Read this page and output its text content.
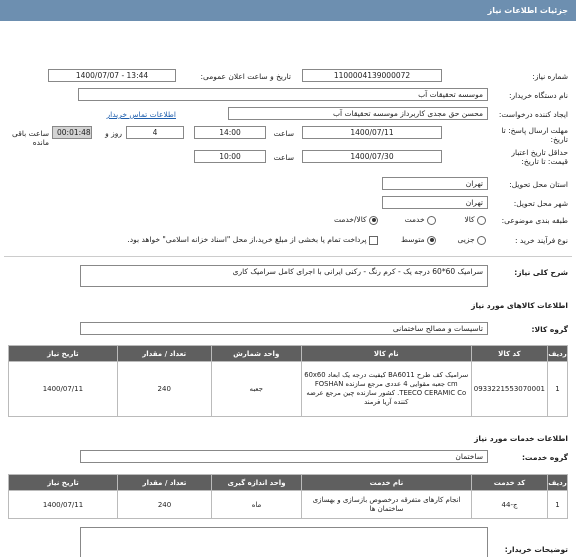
جزئیات اطلاعات نیاز
شماره نیاز:
1100004139000072
تاریخ و ساعت اعلان عمومی:
1400/07/07 - 13:44
نام دستگاه خریدار:
موسسه تحقیقات آب
ایجاد کننده درخواست:
محسن حق مجدی کاربرداز موسسه تحقیقات آب
اطلاعات تماس خریدار
مهلت ارسال پاسخ: تا تاریخ:
1400/07/11
ساعت
14:00
4
روز و
00:01:48
ساعت باقی مانده
حداقل تاریخ اعتبار قیمت: تا تاریخ:
1400/07/30
ساعت
10:00
استان محل تحویل:
تهران
شهر محل تحویل:
تهران
طبقه بندی موضوعی:
کالا
خدمت
کالا/خدمت
نوع فرآیند خرید :
جزیی
متوسط
پرداخت تمام یا بخشی از مبلغ خرید،از محل "اسناد خزانه اسلامی" خواهد بود.
شرح کلی نیاز:
سرامیک 60*60 درجه یک - کرم رنگ - رکنی ایرانی با اجرای کامل سرامیک کاری
اطلاعات کالاهای مورد نیاز
گروه کالا:
تاسیسات و مصالح ساختمانی
ردیف	کد کالا	نام کالا	واحد شمارش	تعداد / مقدار	تاریخ نیاز
1	0933221553070001	سرامیک کف طرح BA6011 کیفیت درجه یک ابعاد 60x60 cm جعبه مقوایی 4 عددی مرجع سازنده FOSHAN TEECO CERAMIC Co. کشور سازنده چین مرجع عرضه کننده آریا فرمند	جعبه	240	1400/07/11
اطلاعات خدمات مورد نیاز
گروه خدمت:
ساختمان
ردیف	کد خدمت	نام خدمت	واحد اندازه گیری	تعداد / مقدار	تاریخ نیاز
1	ج-44	انجام کارهای متفرقه درخصوص بازسازی و بهسازی ساختمان ها	ماه	240	1400/07/11
توضیحات خریدار:
